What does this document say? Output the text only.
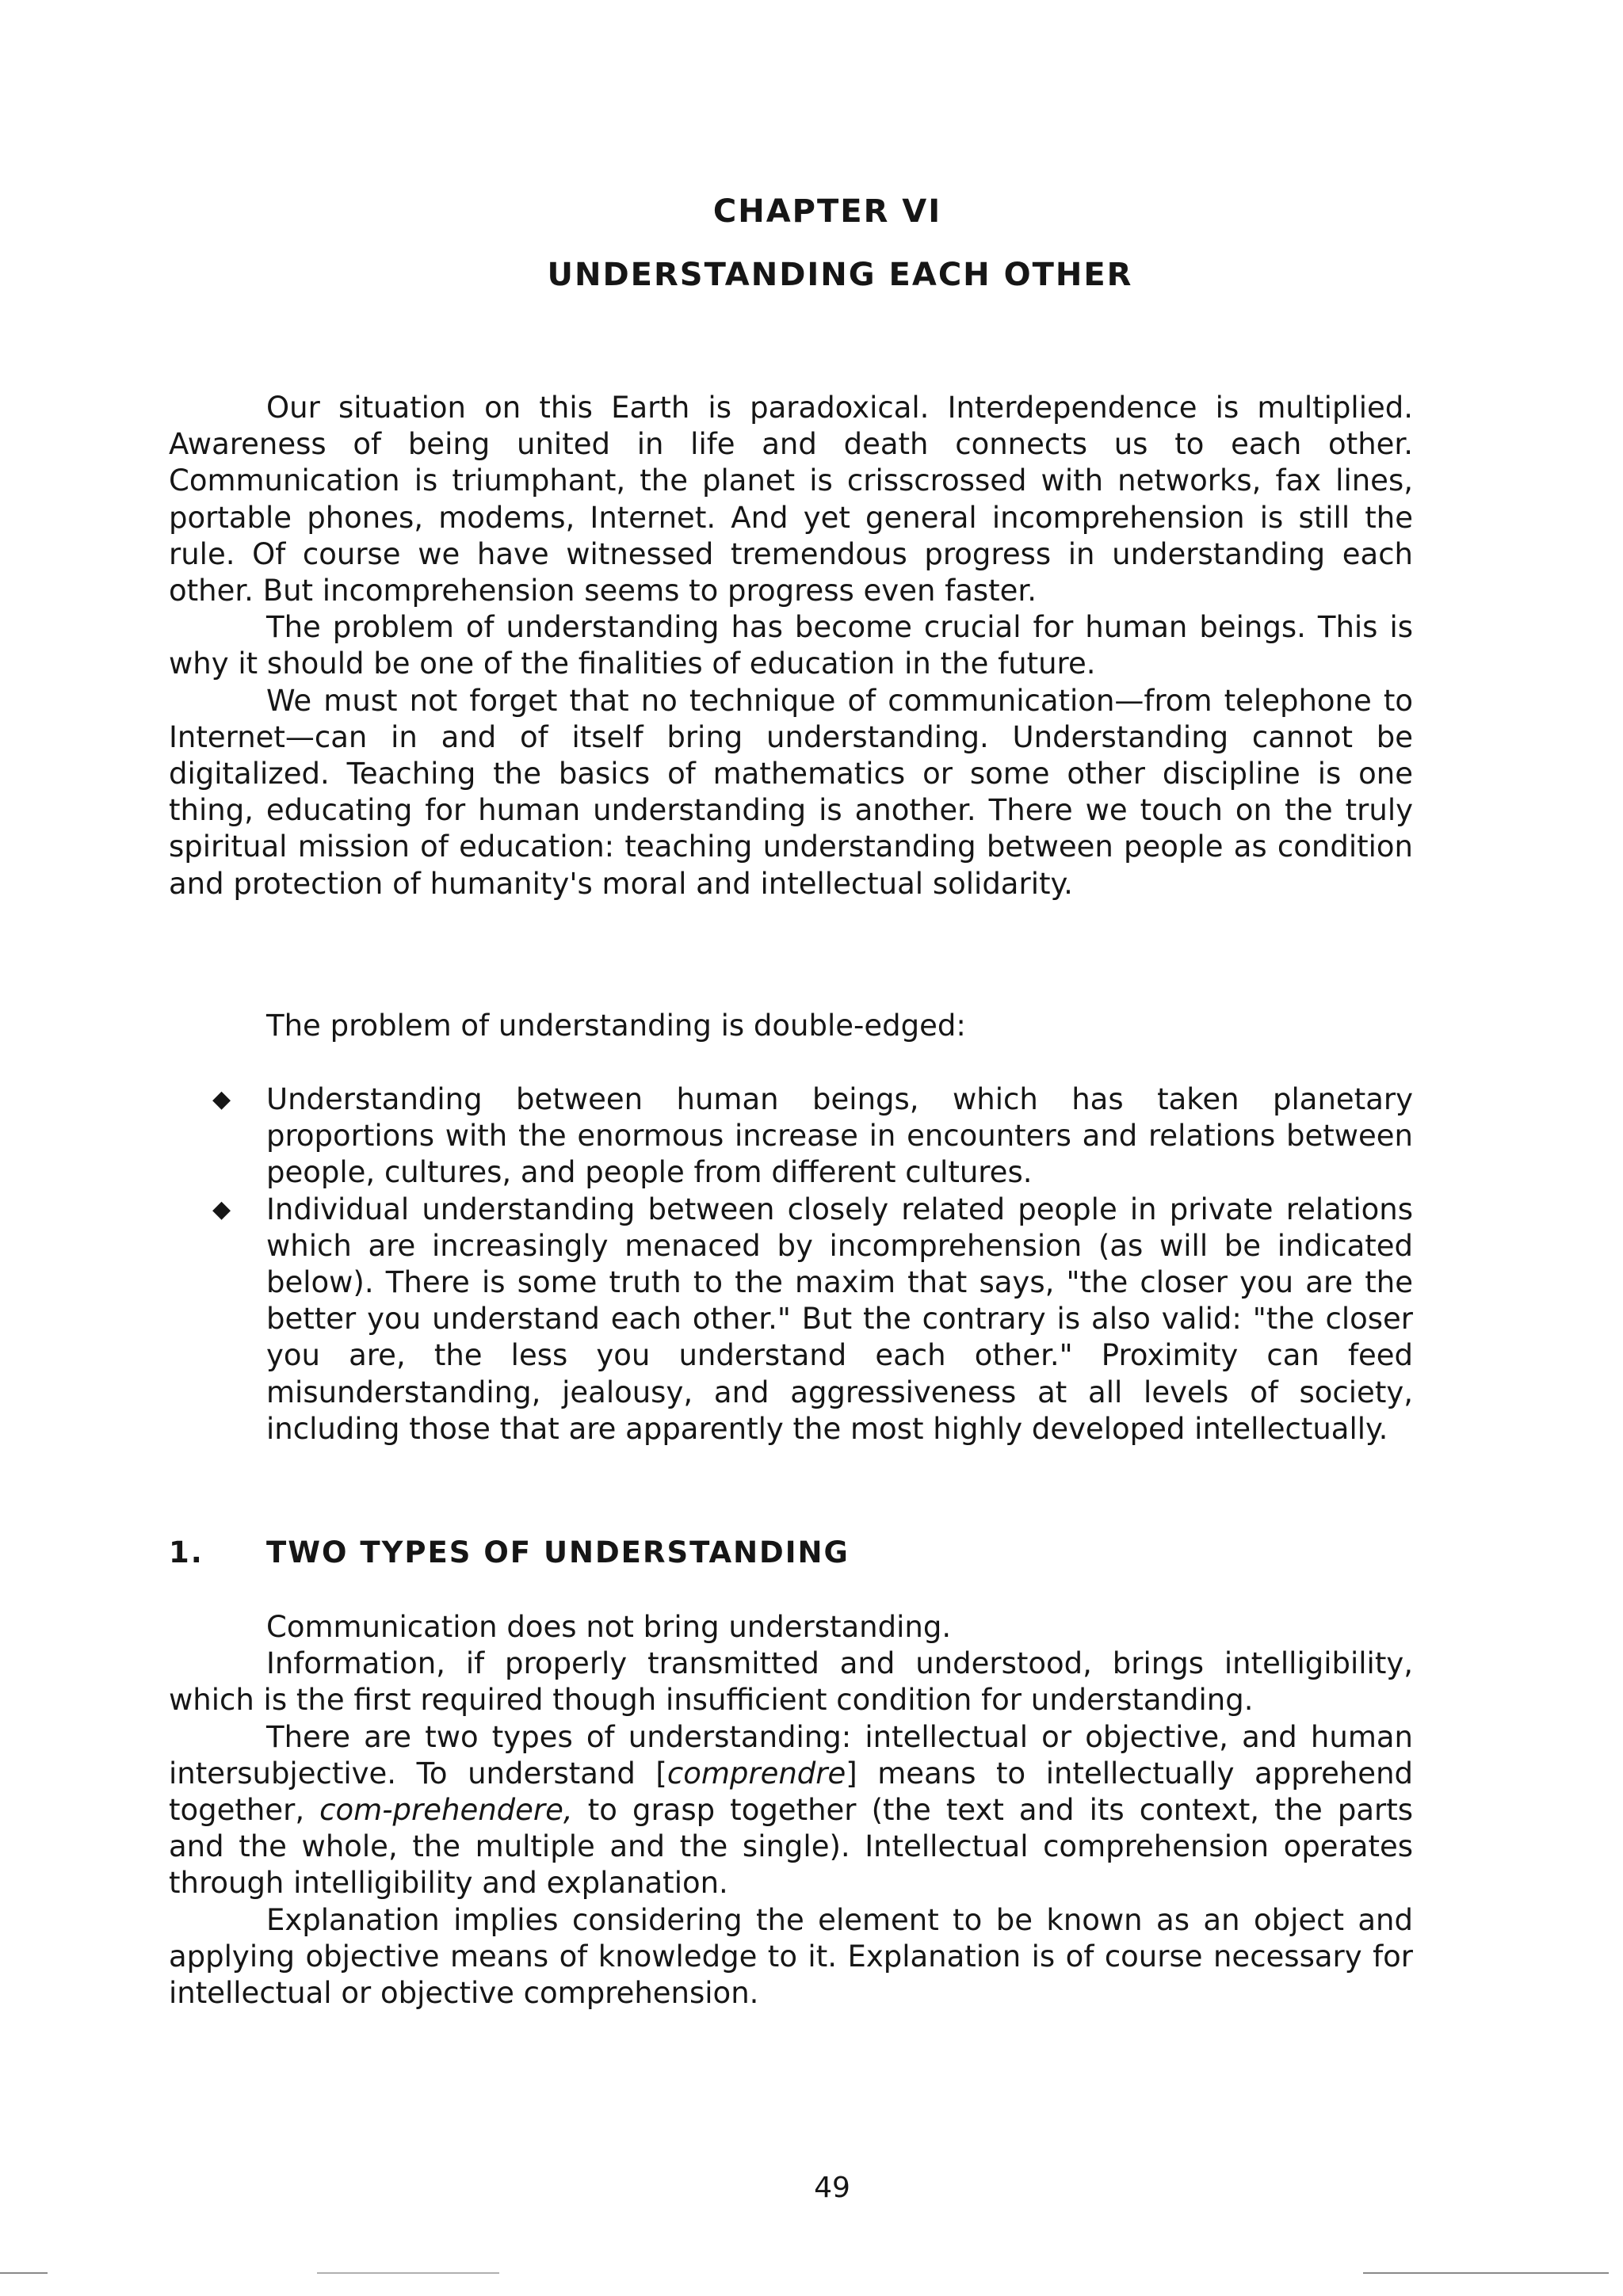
CHAPTER VI
UNDERSTANDING EACH OTHER

Our situation on this Earth is paradoxical. Interdependence is multiplied. Awareness of being united in life and death connects us to each other. Communication is triumphant, the planet is crisscrossed with networks, fax lines, portable phones, modems, Internet. And yet general incomprehension is still the rule. Of course we have witnessed tremendous progress in understanding each other. But incomprehension seems to progress even faster.

The problem of understanding has become crucial for human beings. This is why it should be one of the finalities of education in the future.

We must not forget that no technique of communication—from telephone to Internet—can in and of itself bring understanding. Understanding cannot be digitalized. Teaching the basics of mathematics or some other discipline is one thing, educating for human understanding is another. There we touch on the truly spiritual mission of education: teaching understanding between people as condition and protection of humanity's moral and intellectual solidarity.

The problem of understanding is double-edged:

◆ Understanding between human beings, which has taken planetary proportions with the enormous increase in encounters and relations between people, cultures, and people from different cultures.
◆ Individual understanding between closely related people in private relations which are increasingly menaced by incomprehension (as will be indicated below). There is some truth to the maxim that says, "the closer you are the better you understand each other." But the contrary is also valid: "the closer you are, the less you understand each other." Proximity can feed misunderstanding, jealousy, and aggressiveness at all levels of society, including those that are apparently the most highly developed intellectually.
1. TWO TYPES OF UNDERSTANDING

Communication does not bring understanding.

Information, if properly transmitted and understood, brings intelligibility, which is the first required though insufficient condition for understanding.

There are two types of understanding: intellectual or objective, and human intersubjective. To understand [comprendre] means to intellectually apprehend together, com-prehendere, to grasp together (the text and its context, the parts and the whole, the multiple and the single). Intellectual comprehension operates through intelligibility and explanation.

Explanation implies considering the element to be known as an object and applying objective means of knowledge to it. Explanation is of course necessary for intellectual or objective comprehension.

49
